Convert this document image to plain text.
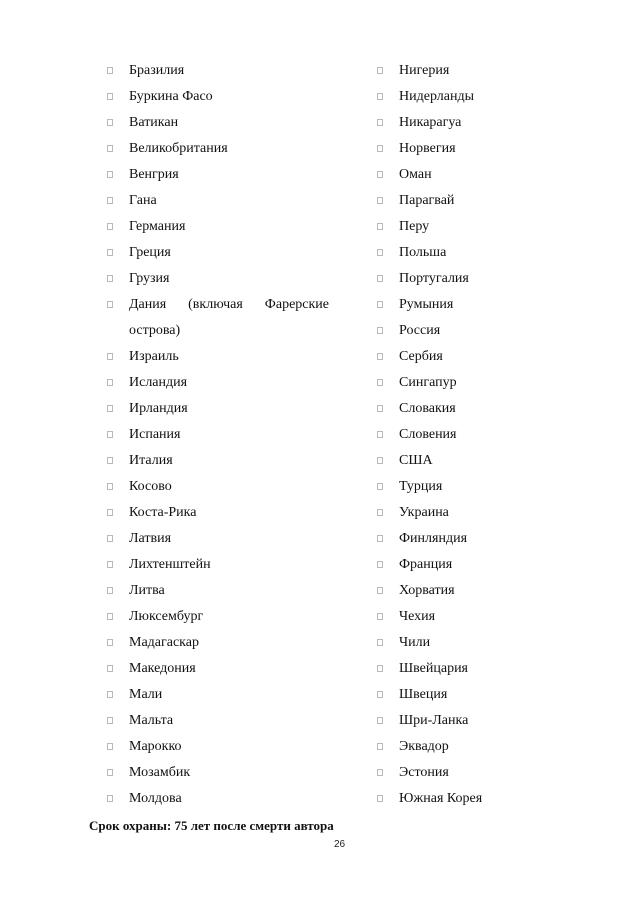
Бразилия
Буркина Фасо
Ватикан
Великобритания
Венгрия
Гана
Германия
Греция
Грузия
Дания (включая Фарерские острова)
Израиль
Исландия
Ирландия
Испания
Италия
Косово
Коста-Рика
Латвия
Лихтенштейн
Литва
Люксембург
Мадагаскар
Македония
Мали
Мальта
Марокко
Мозамбик
Молдова
Нигерия
Нидерланды
Никарагуа
Норвегия
Оман
Парагвай
Перу
Польша
Португалия
Румыния
Россия
Сербия
Сингапур
Словакия
Словения
США
Турция
Украина
Финляндия
Франция
Хорватия
Чехия
Чили
Швейцария
Швеция
Шри-Ланка
Эквадор
Эстония
Южная Корея

Срок охраны: 75 лет после смерти автора

26
